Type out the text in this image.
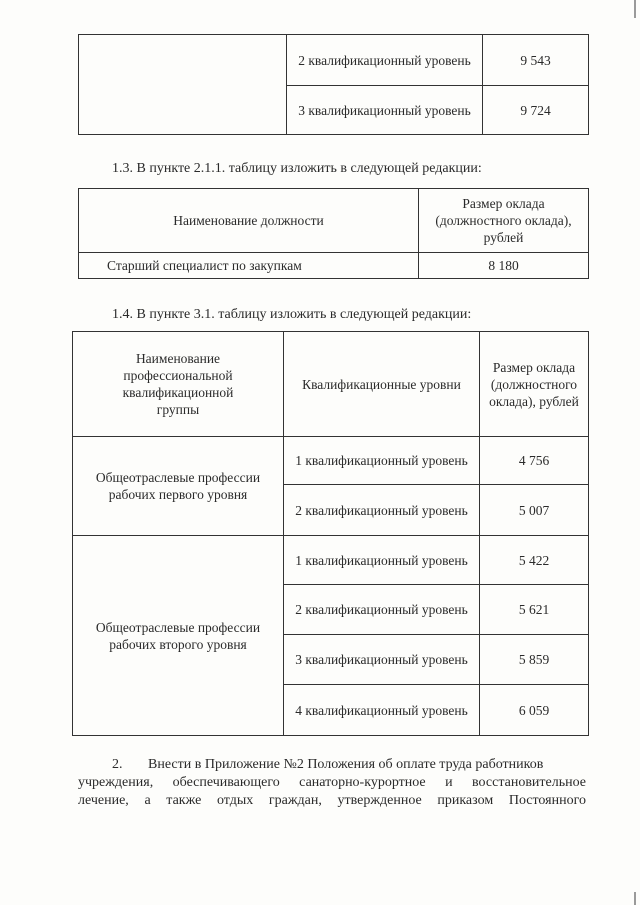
	2 квалификационный уровень	9 543
	3 квалификационный уровень	9 724
1.3. В пункте 2.1.1. таблицу изложить в следующей редакции:
Наименование должности	Размер оклада (должностного оклада), рублей
Старший специалист по закупкам	8 180
1.4. В пункте 3.1. таблицу изложить в следующей редакции:
Наименование профессиональной квалификационной группы	Квалификационные уровни	Размер оклада (должностного оклада), рублей
Общеотраслевые профессии рабочих первого уровня	1 квалификационный уровень	4 756
	2 квалификационный уровень	5 007
Общеотраслевые профессии рабочих второго уровня	1 квалификационный уровень	5 422
	2 квалификационный уровень	5 621
	3 квалификационный уровень	5 859
	4 квалификационный уровень	6 059
2. Внести в Приложение №2 Положения об оплате труда работников
учреждения, обеспечивающего санаторно-курортное и восстановительное
лечение, а также отдых граждан, утвержденное приказом Постоянного
